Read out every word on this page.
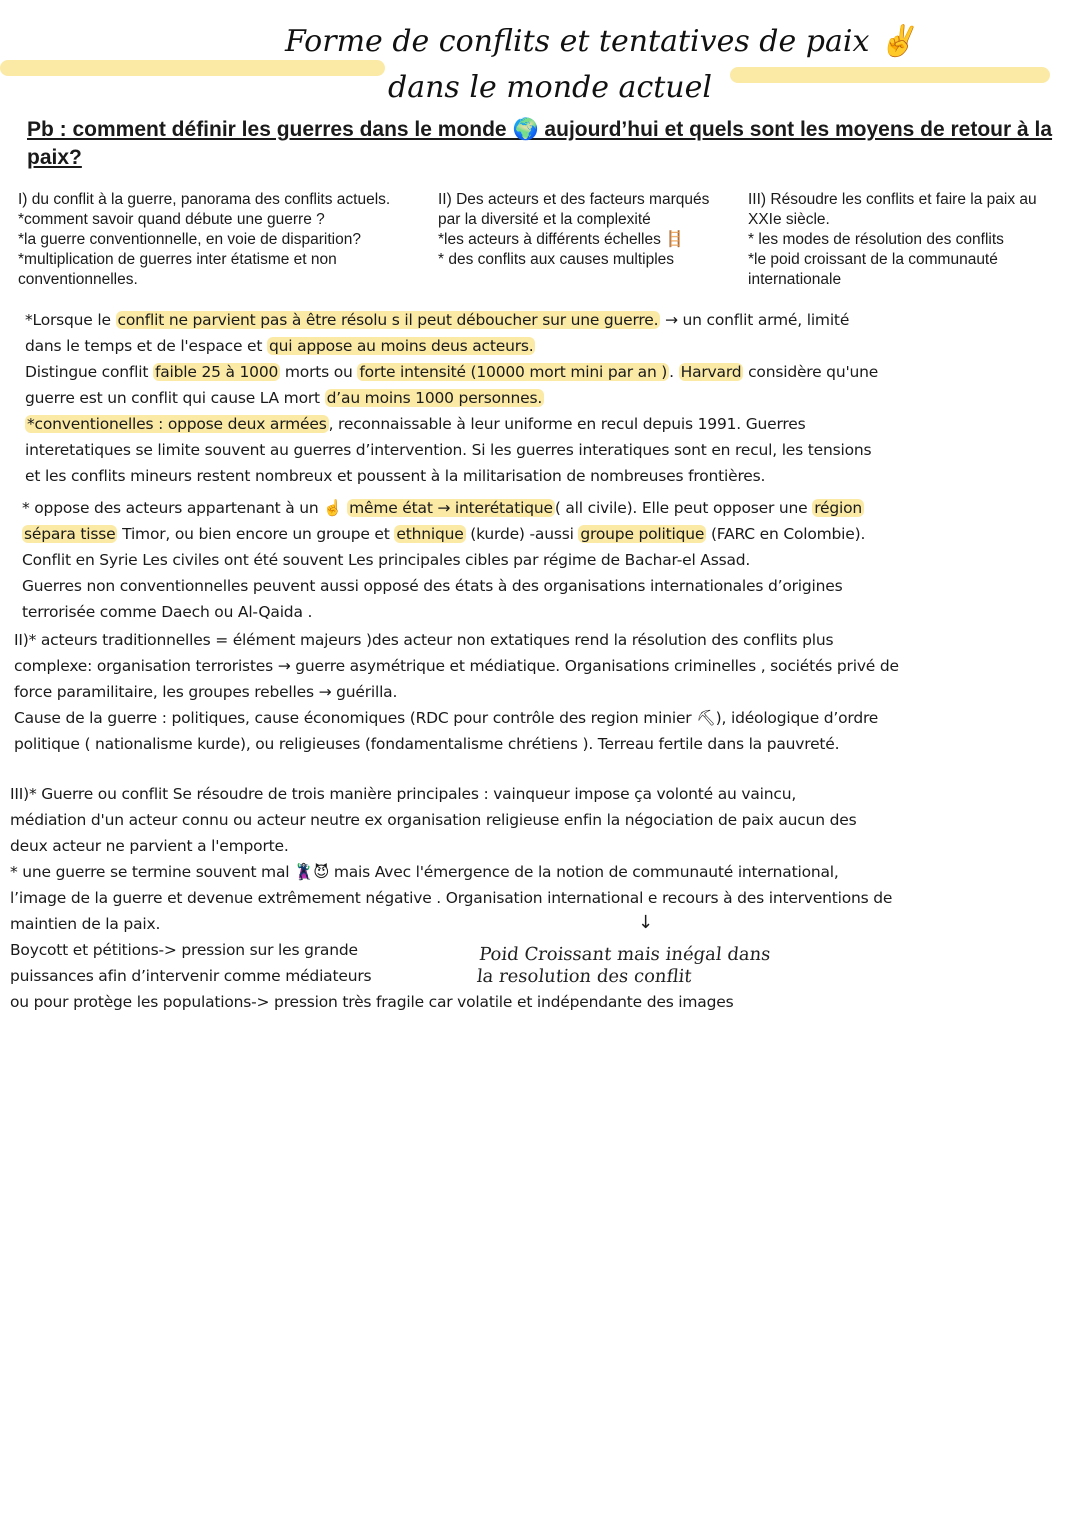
Forme de conflits et tentatives de paix ✌️
dans le monde actuel
Pb : comment définir les guerres dans le monde 🌍 aujourd’hui et quels sont les moyens de retour à la paix?
I) du conflit à la guerre, panorama des conflits actuels.
*comment savoir quand débute une guerre ?
*la guerre conventionnelle, en voie de disparition?
*multiplication de guerres inter étatisme et non
conventionnelles.
II) Des acteurs et des facteurs marqués
par la diversité et la complexité
*les acteurs à différents échelles 🪜
* des conflits aux causes multiples
III) Résoudre les conflits et faire la paix au
XXIe siècle.
* les modes de résolution des conflits
*le poid croissant de la communauté
internationale
*Lorsque le conflit ne parvient pas à être résolu s il peut déboucher sur une guerre. → un conflit armé, limité
dans le temps et de l'espace et qui appose au moins deus acteurs.
Distingue conflit faible 25 à 1000 morts ou forte intensité (10000 mort mini par an ) . Harvard considère qu'une
guerre est un conflit qui cause LA mort d’au moins 1000 personnes.
*conventionelles : oppose deux armées , reconnaissable à leur uniforme en recul depuis 1991. Guerres
interetatiques se limite souvent au guerres d’intervention. Si les guerres interatiques sont en recul, les tensions
et les conflits mineurs restent nombreux et poussent à la militarisation de nombreuses frontières.
* oppose des acteurs appartenant à un ☝️ même état → interétatique ( all civile). Elle peut opposer une région
sépara tisse Timor, ou bien encore un groupe et ethnique (kurde) -aussi groupe politique (FARC en Colombie).
Conflit en Syrie Les civiles ont été souvent Les principales cibles par régime de Bachar-el Assad.
Guerres non conventionnelles peuvent aussi opposé des états à des organisations internationales d’origines
terrorisée comme Daech ou Al-Qaida .
II)* acteurs traditionnelles = élément majeurs )des acteur non extatiques rend la résolution des conflits plus
complexe: organisation terroristes → guerre asymétrique et médiatique. Organisations criminelles , sociétés privé de
force paramilitaire, les groupes rebelles → guérilla.
Cause de la guerre : politiques, cause économiques (RDC pour contrôle des region minier ⛏), idéologique d’ordre
politique ( nationalisme kurde), ou religieuses (fondamentalisme chrétiens ). Terreau fertile dans la pauvreté.
III)* Guerre ou conflit Se résoudre de trois manière principales : vainqueur impose ça volonté au vaincu,
médiation d'un acteur connu ou acteur neutre ex organisation religieuse enfin la négociation de paix aucun des
deux acteur ne parvient a l'emporte.
* une guerre se termine souvent mal 🦹‍♀️😈 mais Avec l'émergence de la notion de communauté international,
l’image de la guerre et devenue extrêmement négative . Organisation international e recours à des interventions de
maintien de la paix.
Boycott et pétitions-> pression sur les grande
puissances afin d’intervenir comme médiateurs
ou pour protège les populations-> pression très fragile car volatile et indépendante des images
↓
Poid Croissant mais inégal dans
la resolution des conflit
